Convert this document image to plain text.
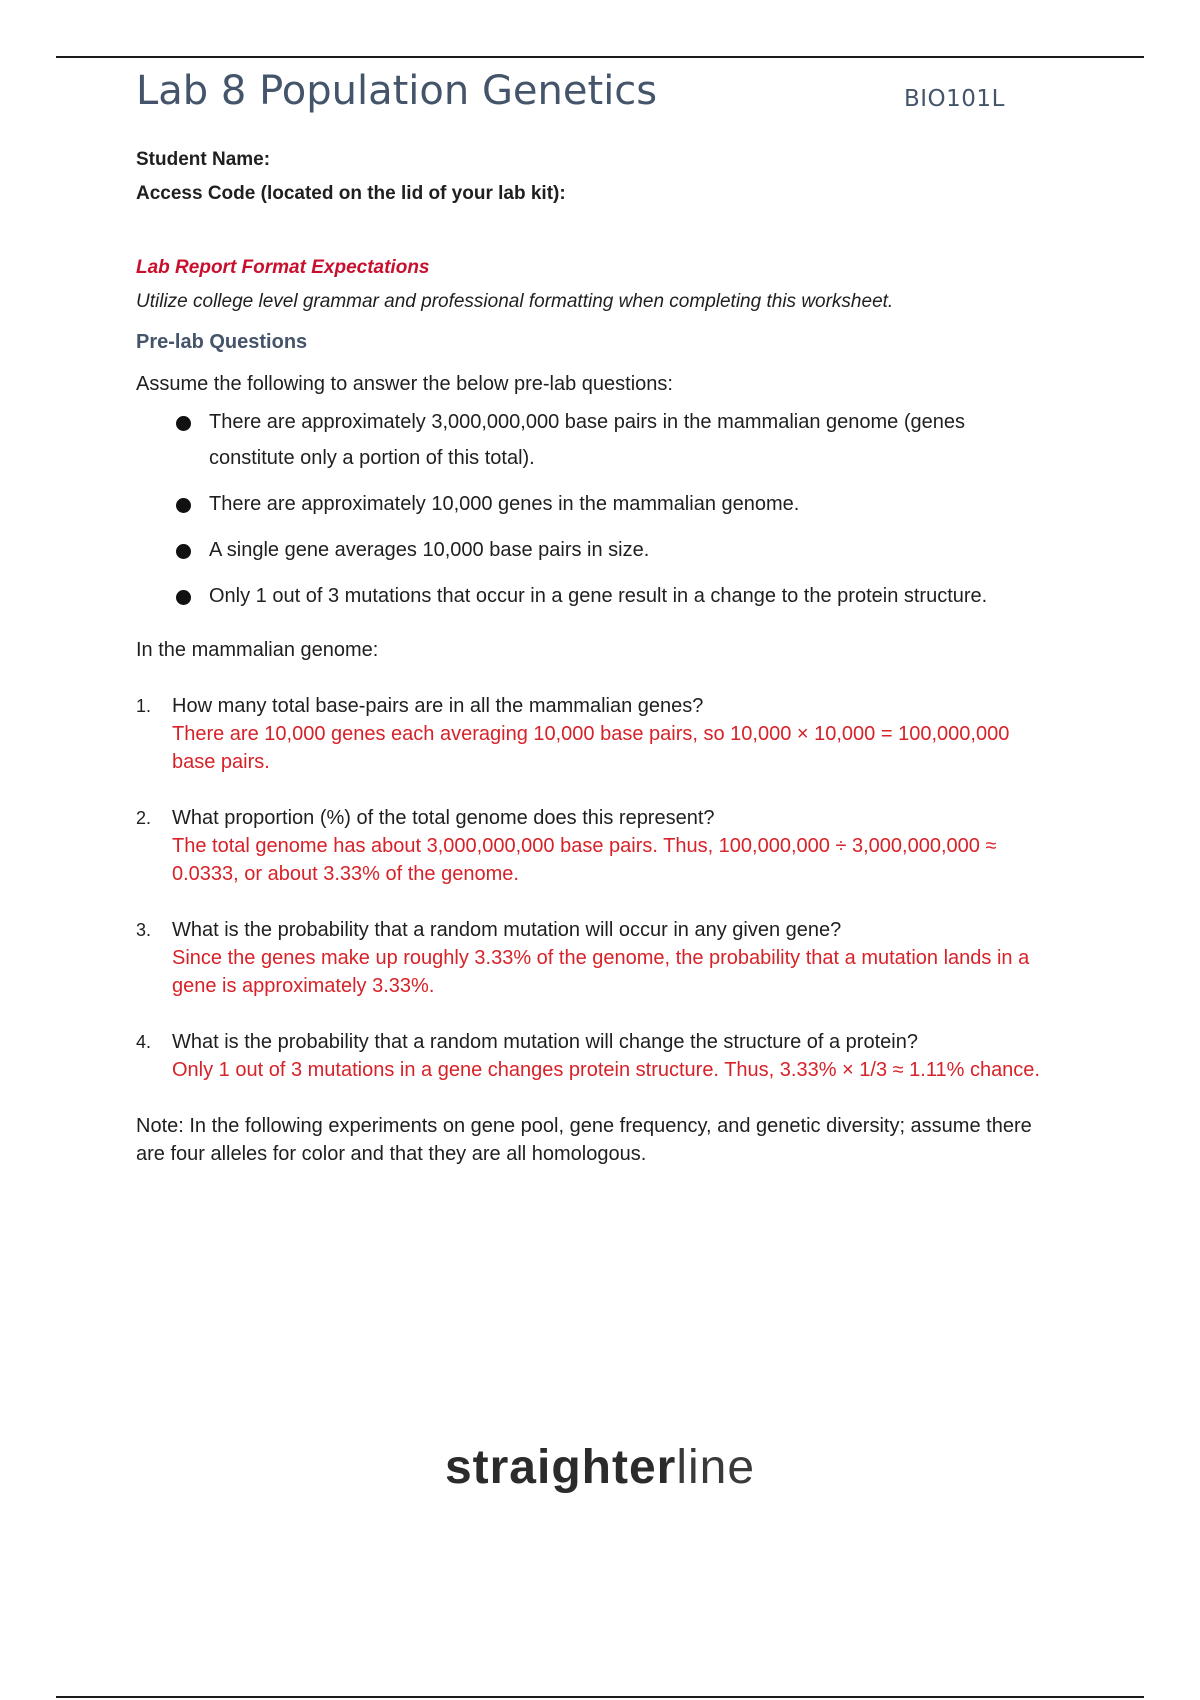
Lab 8 Population Genetics	BIO101L
Student Name:
Access Code (located on the lid of your lab kit):
Lab Report Format Expectations
Utilize college level grammar and professional formatting when completing this worksheet.
Pre-lab Questions
Assume the following to answer the below pre-lab questions:
There are approximately 3,000,000,000 base pairs in the mammalian genome (genes constitute only a portion of this total).
There are approximately 10,000 genes in the mammalian genome.
A single gene averages 10,000 base pairs in size.
Only 1 out of 3 mutations that occur in a gene result in a change to the protein structure.
In the mammalian genome:
1. How many total base-pairs are in all the mammalian genes?
There are 10,000 genes each averaging 10,000 base pairs, so 10,000 × 10,000 = 100,000,000 base pairs.
2. What proportion (%) of the total genome does this represent?
The total genome has about 3,000,000,000 base pairs. Thus, 100,000,000 ÷ 3,000,000,000 ≈ 0.0333, or about 3.33% of the genome.
3. What is the probability that a random mutation will occur in any given gene?
Since the genes make up roughly 3.33% of the genome, the probability that a mutation lands in a gene is approximately 3.33%.
4. What is the probability that a random mutation will change the structure of a protein?
Only 1 out of 3 mutations in a gene changes protein structure. Thus, 3.33% × 1/3 ≈ 1.11% chance.
Note: In the following experiments on gene pool, gene frequency, and genetic diversity; assume there are four alleles for color and that they are all homologous.
straighterline
